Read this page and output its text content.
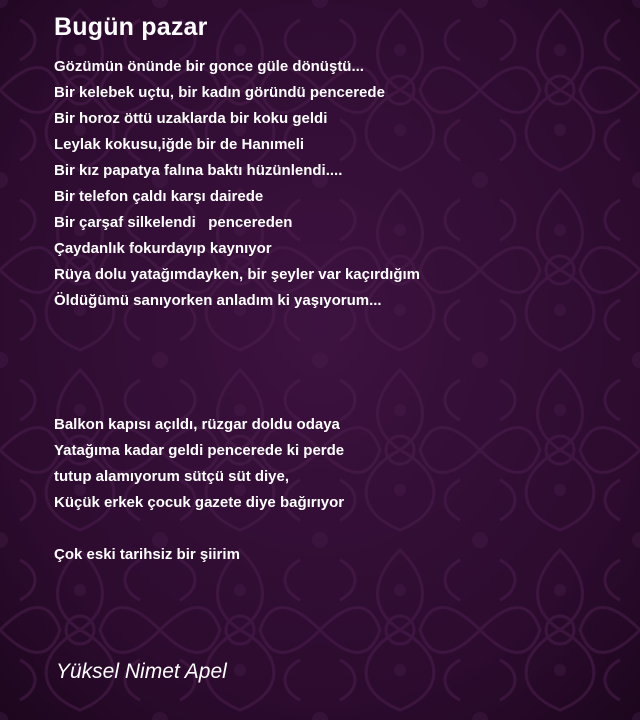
Bugün pazar
Gözümün önünde bir gonce güle dönüştü...
Bir kelebek uçtu, bir kadın göründü pencerede
Bir horoz öttü uzaklarda bir koku geldi
Leylak kokusu,iğde bir de Hanımeli
Bir kız papatya falına baktı hüzünlendi....
Bir telefon çaldı karşı dairede
Bir çarşaf silkelendi   pencereden
Çaydanlık fokurdayıp kaynıyor
Rüya dolu yatağımdayken, bir şeyler var kaçırdığım
Öldüğümü sanıyorken anladım ki yaşıyorum...
Balkon kapısı açıldı, rüzgar doldu odaya
Yatağıma kadar geldi pencerede ki perde
tutup alamıyorum sütçü süt diye,
Küçük erkek çocuk gazete diye bağırıyor
Çok eski tarihsiz bir şiirim

Yüksel Nimet Apel
